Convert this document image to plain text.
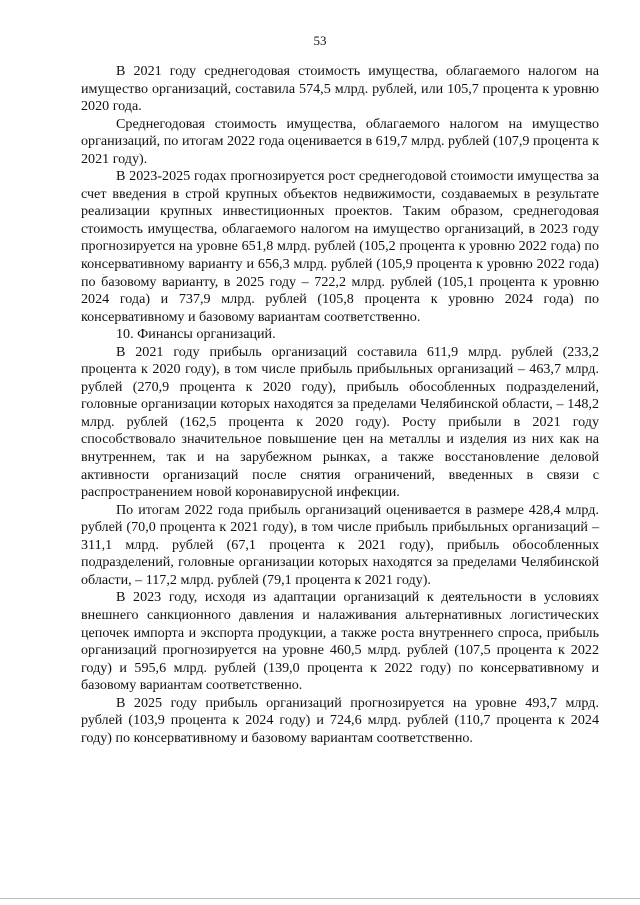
53

В 2021 году среднегодовая стоимость имущества, облагаемого налогом на имущество организаций, составила 574,5 млрд. рублей, или 105,7 процента к уровню 2020 года.

Среднегодовая стоимость имущества, облагаемого налогом на имущество организаций, по итогам 2022 года оценивается в 619,7 млрд. рублей (107,9 процента к 2021 году).

В 2023-2025 годах прогнозируется рост среднегодовой стоимости имущества за счет введения в строй крупных объектов недвижимости, создаваемых в результате реализации крупных инвестиционных проектов. Таким образом, среднегодовая стоимость имущества, облагаемого налогом на имущество организаций, в 2023 году прогнозируется на уровне 651,8 млрд. рублей (105,2 процента к уровню 2022 года) по консервативному варианту и 656,3 млрд. рублей (105,9 процента к уровню 2022 года) по базовому варианту, в 2025 году – 722,2 млрд. рублей (105,1 процента к уровню 2024 года) и 737,9 млрд. рублей (105,8 процента к уровню 2024 года) по консервативному и базовому вариантам соответственно.

10. Финансы организаций.

В 2021 году прибыль организаций составила 611,9 млрд. рублей (233,2 процента к 2020 году), в том числе прибыль прибыльных организаций – 463,7 млрд. рублей (270,9 процента к 2020 году), прибыль обособленных подразделений, головные организации которых находятся за пределами Челябинской области, – 148,2 млрд. рублей (162,5 процента к 2020 году). Росту прибыли в 2021 году способствовало значительное повышение цен на металлы и изделия из них как на внутреннем, так и на зарубежном рынках, а также восстановление деловой активности организаций после снятия ограничений, введенных в связи с распространением новой коронавирусной инфекции.

По итогам 2022 года прибыль организаций оценивается в размере 428,4 млрд. рублей (70,0 процента к 2021 году), в том числе прибыль прибыльных организаций – 311,1 млрд. рублей (67,1 процента к 2021 году), прибыль обособленных подразделений, головные организации которых находятся за пределами Челябинской области, – 117,2 млрд. рублей (79,1 процента к 2021 году).

В 2023 году, исходя из адаптации организаций к деятельности в условиях внешнего санкционного давления и налаживания альтернативных логистических цепочек импорта и экспорта продукции, а также роста внутреннего спроса, прибыль организаций прогнозируется на уровне 460,5 млрд. рублей (107,5 процента к 2022 году) и 595,6 млрд. рублей (139,0 процента к 2022 году) по консервативному и базовому вариантам соответственно.

В 2025 году прибыль организаций прогнозируется на уровне 493,7 млрд. рублей (103,9 процента к 2024 году) и 724,6 млрд. рублей (110,7 процента к 2024 году) по консервативному и базовому вариантам соответственно.
